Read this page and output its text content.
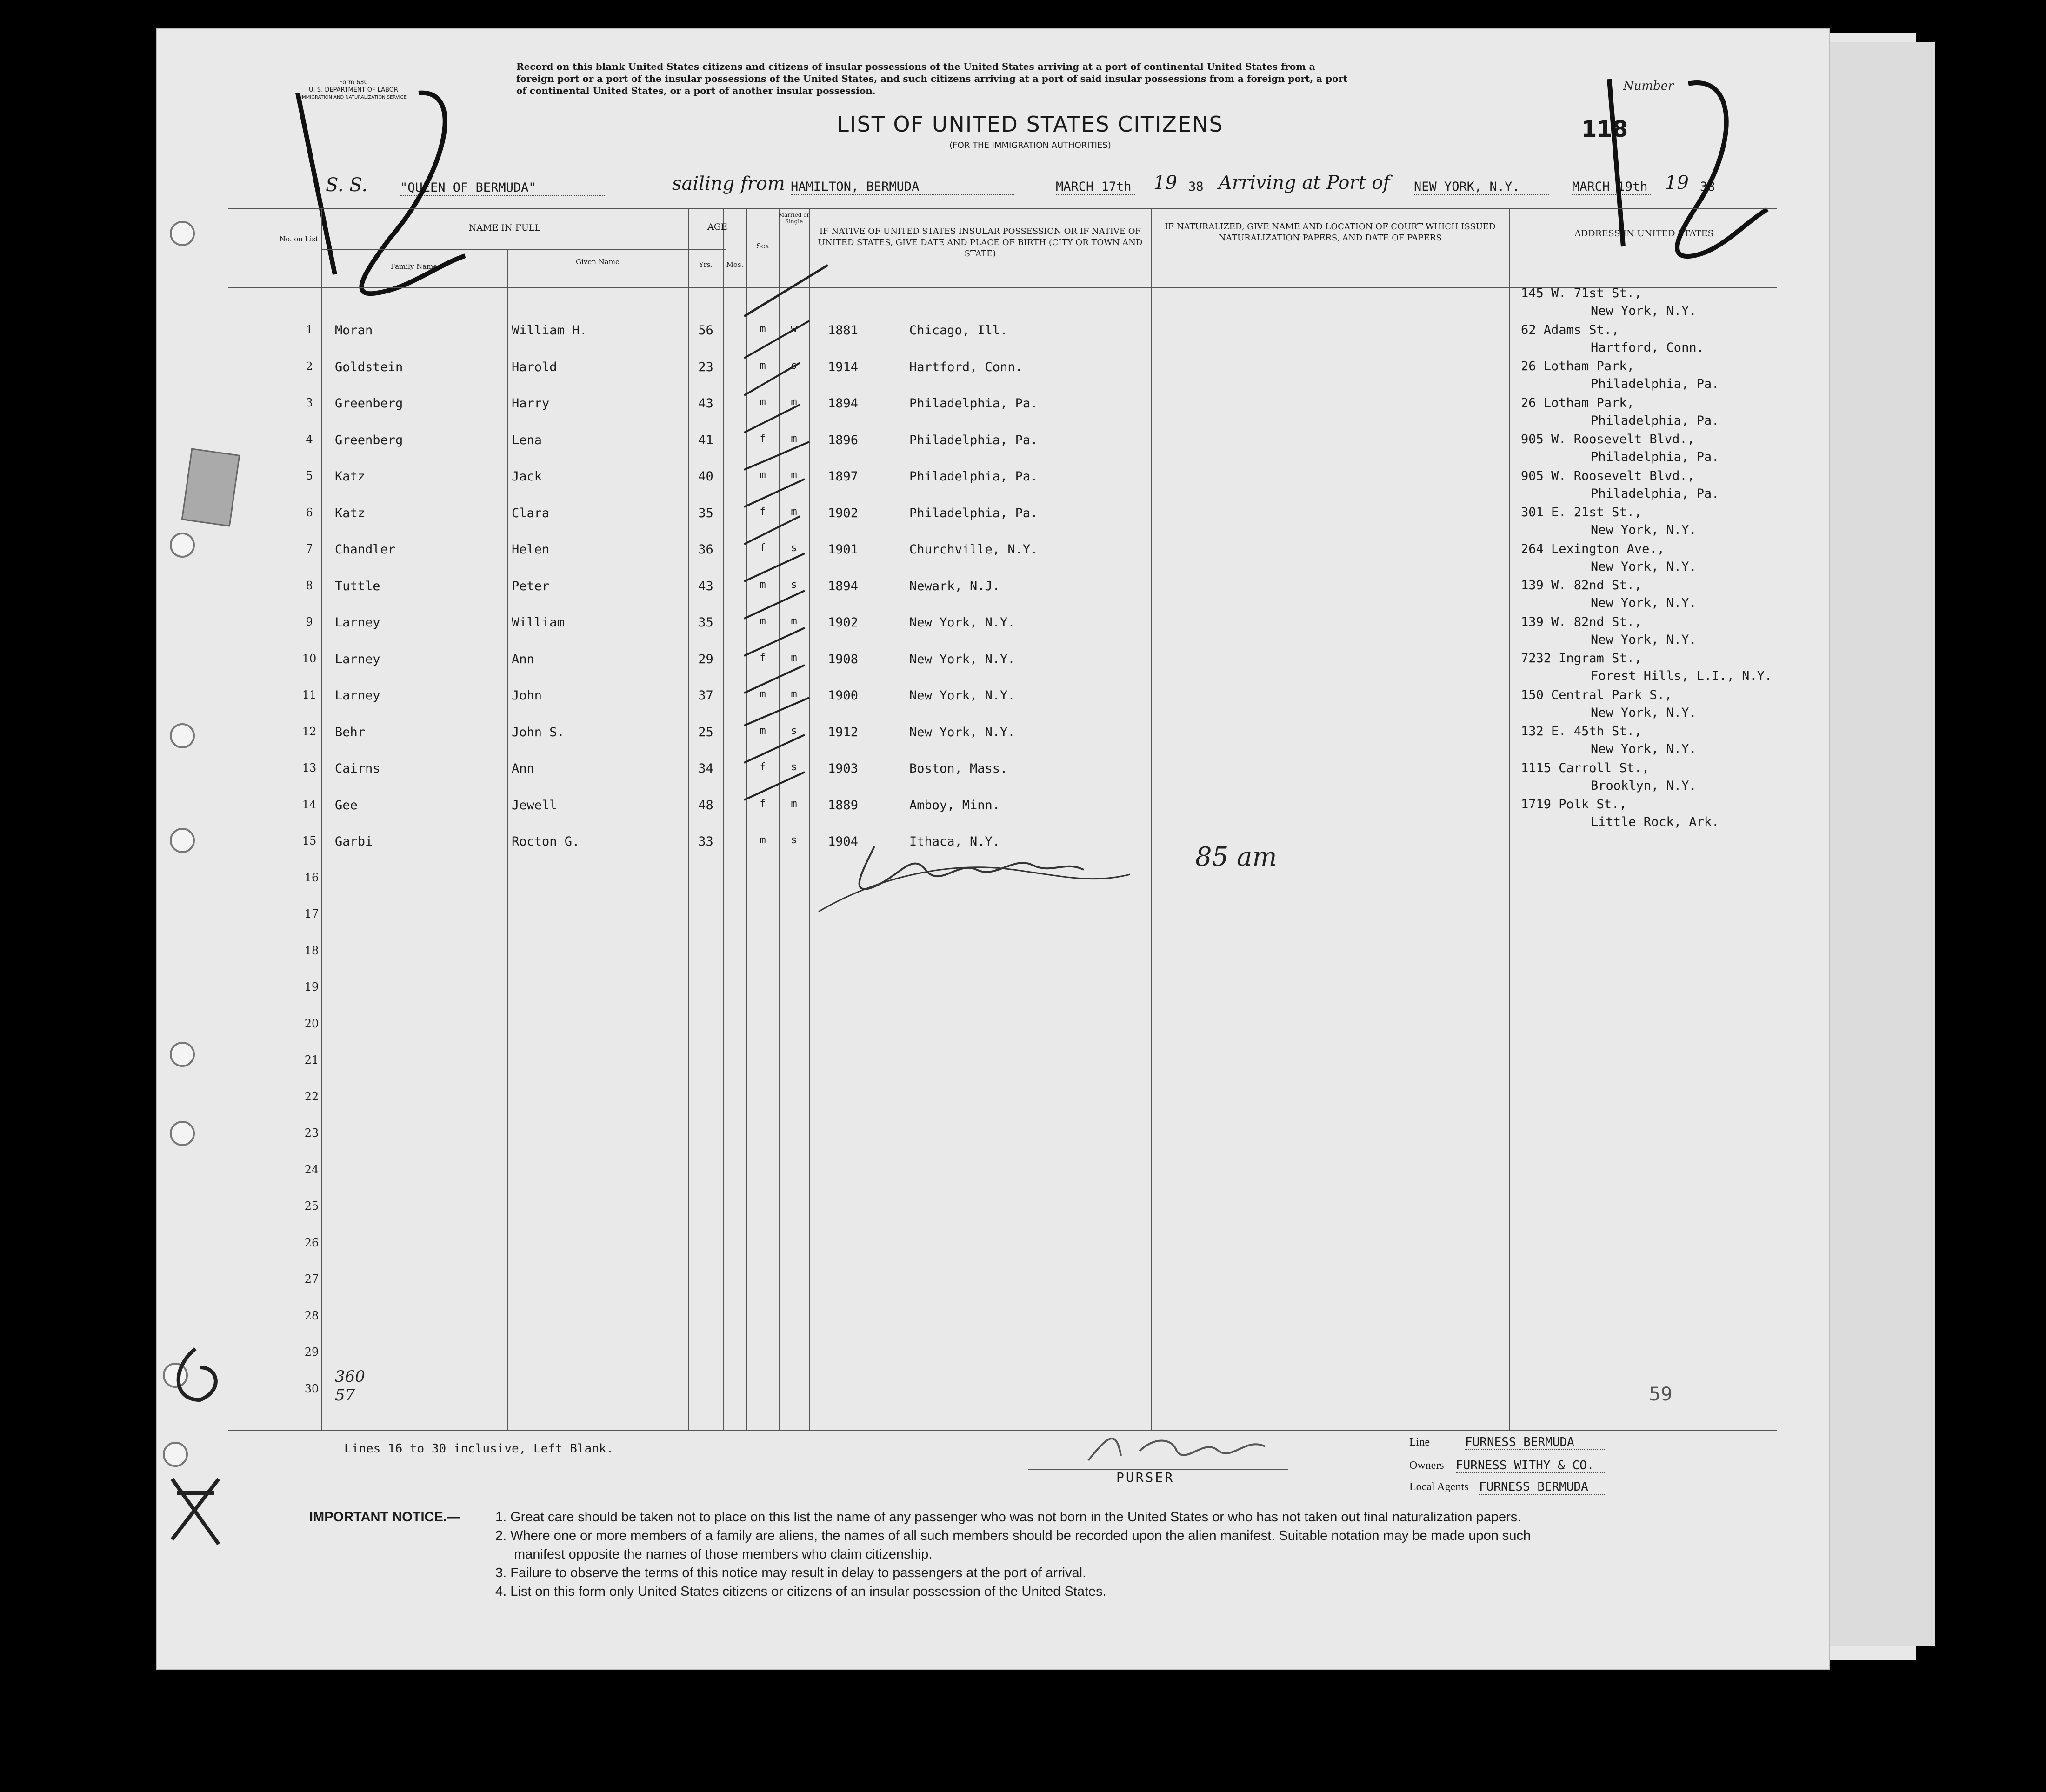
Form 630
U. S. DEPARTMENT OF LABOR
IMMIGRATION AND NATURALIZATION SERVICE
Record on this blank United States citizens and citizens of insular possessions of the United States arriving at a port of continental United States from a
foreign port or a port of the insular possessions of the United States, and such citizens arriving at a port of said insular possessions from a foreign port, a port
of continental United States, or a port of another insular possession.
LIST OF UNITED STATES CITIZENS
(FOR THE IMMIGRATION AUTHORITIES)
Number
118
S. S.	"QUEEN OF BERMUDA"	sailing from HAMILTON, BERMUDA	MARCH 17th 19 38 Arriving at Port of NEW YORK, N.Y.	MARCH 19th 19 38
No. on List
NAME IN FULL
Family Name
Given Name
AGE
Yrs.	Mos.
Sex
Married or Single
IF NATIVE OF UNITED STATES INSULAR POSSESSION OR IF NATIVE OF UNITED STATES, GIVE DATE AND PLACE OF BIRTH (CITY OR TOWN AND STATE)
IF NATURALIZED, GIVE NAME AND LOCATION OF COURT WHICH ISSUED NATURALIZATION PAPERS, AND DATE OF PAPERS	ADDRESS IN UNITED STATES
1	Moran	William H.	56	m	w	1881	Chicago, Ill.
145 W. 71st St.,
New York, N.Y.
2	Goldstein	Harold	23	m	s	1914	Hartford, Conn.
62 Adams St.,
Hartford, Conn.
3	Greenberg	Harry	43	m	m	1894	Philadelphia, Pa.
26 Lotham Park,
Philadelphia, Pa.
4	Greenberg	Lena	41	f	m	1896	Philadelphia, Pa.
26 Lotham Park,
Philadelphia, Pa.
5	Katz	Jack	40	m	m	1897	Philadelphia, Pa.
905 W. Roosevelt Blvd.,
Philadelphia, Pa.
6	Katz	Clara	35	f	m	1902	Philadelphia, Pa.
905 W. Roosevelt Blvd.,
Philadelphia, Pa.
7	Chandler	Helen	36	f	s	1901	Churchville, N.Y.
301 E. 21st St.,
New York, N.Y.
8	Tuttle	Peter	43	m	s	1894	Newark, N.J.
264 Lexington Ave.,
New York, N.Y.
9	Larney	William	35	m	m	1902	New York, N.Y.
139 W. 82nd St.,
New York, N.Y.
10 Larney	Ann	29	f	m	1908	New York, N.Y.
139 W. 82nd St.,
New York, N.Y.
11 Larney	John	37	m	m	1900	New York, N.Y.
7232 Ingram St.,
Forest Hills, L.I., N.Y.
12 Behr	John S.	25	m	s	1912	New York, N.Y.
150 Central Park S.,
New York, N.Y.
13 Cairns	Ann	34	f	s	1903	Boston, Mass.
132 E. 45th St.,
New York, N.Y.
14 Gee	Jewell	48	f	m	1889	Amboy, Minn.
1115 Carroll St.,
Brooklyn, N.Y.
15 Garbi	Rocton G.	33	m	s	1904	Ithaca, N.Y.
1719 Polk St.,
Little Rock, Ark.
16
17
18
19
20
21
22
23
24
25
26
27
28
29
30
85 am
360
57	59
Lines 16 to 30 inclusive, Left Blank.
PURSER
Line	FURNESS BERMUDA
Owners FURNESS WITHY & CO.
Local Agents FURNESS BERMUDA
IMPORTANT NOTICE.—	1. Great care should be taken not to place on this list the name of any passenger who was not born in the United States or who has not taken out final naturalization papers.
2. Where one or more members of a family are aliens, the names of all such members should be recorded upon the alien manifest. Suitable notation may be made upon such
manifest opposite the names of those members who claim citizenship.
3. Failure to observe the terms of this notice may result in delay to passengers at the port of arrival.
4. List on this form only United States citizens or citizens of an insular possession of the United States.
